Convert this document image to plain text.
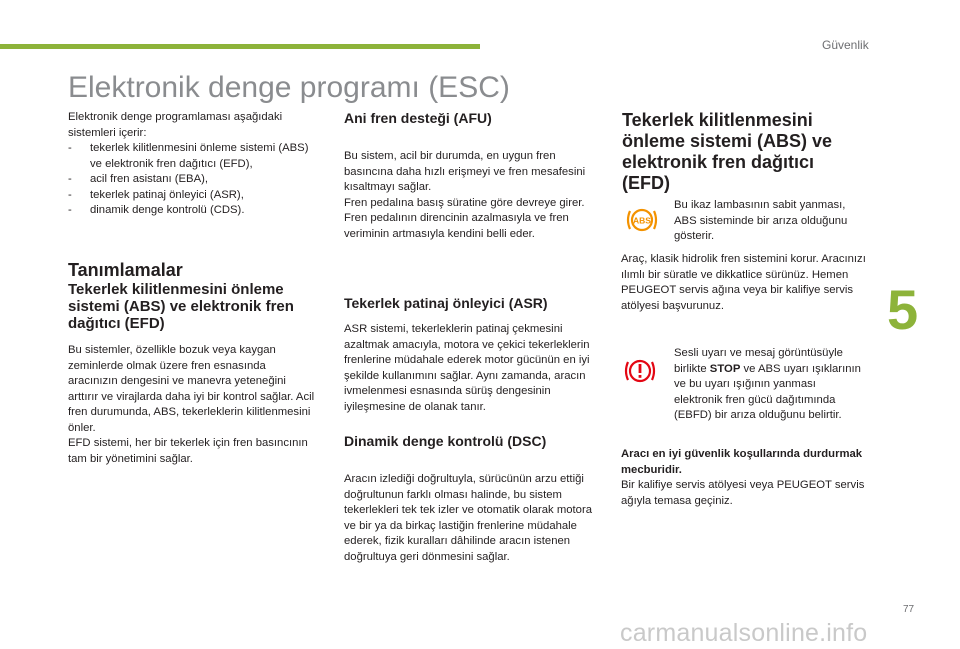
Güvenlik
5
Elektronik denge programı (ESC)

Elektronik denge programlaması aşağıdaki sistemleri içerir:

-	tekerlek kilitlenmesini önleme sistemi (ABS) ve elektronik fren dağıtıcı (EFD),
-	acil fren asistanı (EBA),
-	tekerlek patinaj önleyici (ASR),
-	dinamik denge kontrolü (CDS).
Tanımlamalar
Tekerlek kilitlenmesini önleme sistemi (ABS) ve elektronik fren dağıtıcı (EFD)

Bu sistemler, özellikle bozuk veya kaygan zeminlerde olmak üzere fren esnasında aracınızın dengesini ve manevra yeteneğini arttırır ve virajlarda daha iyi bir kontrol sağlar. Acil fren durumunda, ABS, tekerleklerin kilitlenmesini önler.

EFD sistemi, her bir tekerlek için fren basıncının tam bir yönetimini sağlar.

Ani fren desteği (AFU)

Bu sistem, acil bir durumda, en uygun fren basıncına daha hızlı erişmeyi ve fren mesafesini kısaltmayı sağlar.

Fren pedalına basış süratine göre devreye girer. Fren pedalının direncinin azalmasıyla ve fren veriminin artmasıyla kendini belli eder.

Tekerlek patinaj önleyici (ASR)
ASR sistemi, tekerleklerin patinaj çekmesini azaltmak amacıyla, motora ve çekici tekerleklerin frenlerine müdahale ederek motor gücünün en iyi şekilde kullanımını sağlar. Aynı zamanda, aracın ivmelenmesi esnasında sürüş dengesinin iyileşmesine de olanak tanır.
Dinamik denge kontrolü (DSC)
Aracın izlediği doğrultuyla, sürücünün arzu ettiği doğrultunun farklı olması halinde, bu sistem tekerlekleri tek tek izler ve otomatik olarak motora ve bir ya da birkaç lastiğin frenlerine müdahale ederek, fizik kuralları dâhilinde aracın istenen doğrultuya geri dönmesini sağlar.
Tekerlek kilitlenmesini önleme sistemi (ABS) ve elektronik fren dağıtıcı (EFD)
ABS
Bu ikaz lambasının sabit yanması, ABS sisteminde bir arıza olduğunu gösterir.
Araç, klasik hidrolik fren sistemini korur. Aracınızı ılımlı bir süratle ve dikkatlice sürünüz. Hemen PEUGEOT servis ağına veya bir kalifiye servis atölyesi başvurunuz.
Sesli uyarı ve mesaj görüntüsüyle birlikte STOP ve ABS uyarı ışıklarının ve bu uyarı ışığının yanması elektronik fren gücü dağıtımında (EBFD) bir arıza olduğunu belirtir.

Aracı en iyi güvenlik koşullarında durdurmak mecburidir.

Bir kalifiye servis atölyesi veya PEUGEOT servis ağıyla temasa geçiniz.

77
carmanualsonline.info
